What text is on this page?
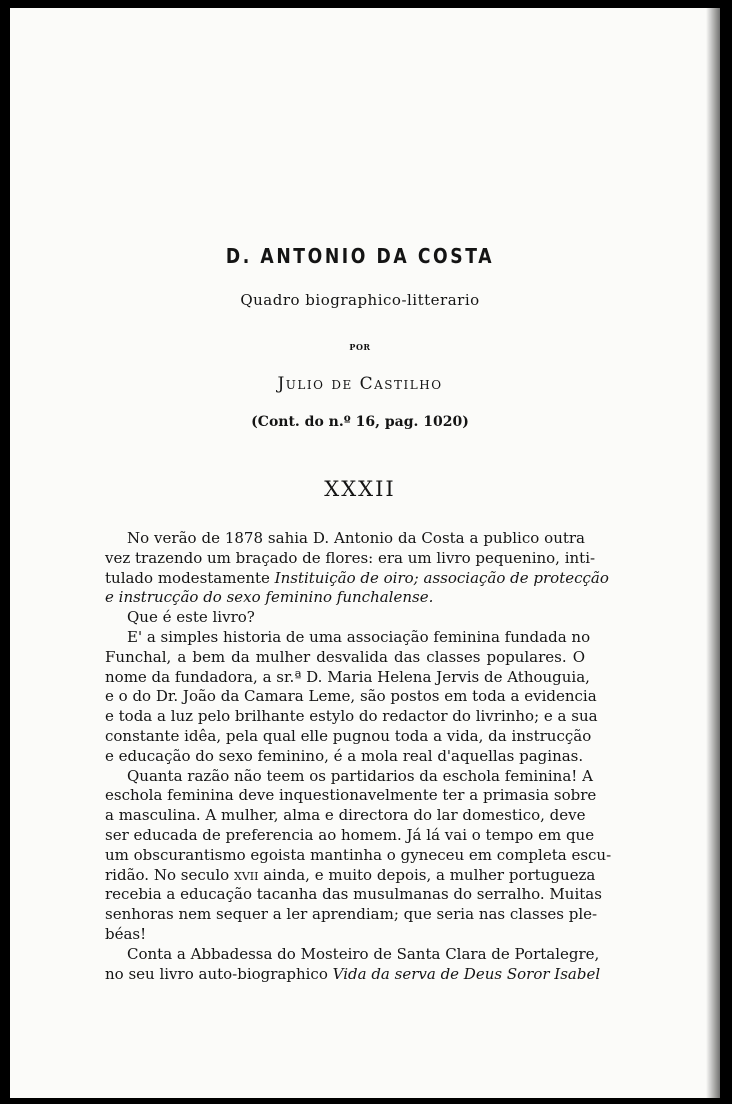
D. ANTONIO DA COSTA
Quadro biographico-litterario
POR
Julio de Castilho
(Cont. do n.º 16, pag. 1020)
XXXII
No verão de 1878 sahia D. Antonio da Costa a publico outra
vez trazendo um braçado de flores: era um livro pequenino, inti-
tulado modestamente Instituição de oiro; associação de protecção
e instrucção do sexo feminino funchalense.
Que é este livro?
E' a simples historia de uma associação feminina fundada no
Funchal, a bem da mulher desvalida das classes populares. O
nome da fundadora, a sr.ª D. Maria Helena Jervis de Athouguia,
e o do Dr. João da Camara Leme, são postos em toda a evidencia
e toda a luz pelo brilhante estylo do redactor do livrinho; e a sua
constante idêa, pela qual elle pugnou toda a vida, da instrucção
e educação do sexo feminino, é a mola real d'aquellas paginas.
Quanta razão não teem os partidarios da eschola feminina! A
eschola feminina deve inquestionavelmente ter a primasia sobre
a masculina. A mulher, alma e directora do lar domestico, deve
ser educada de preferencia ao homem. Já lá vai o tempo em que
um obscurantismo egoista mantinha o gyneceu em completa escu-
ridão. No seculo xvii ainda, e muito depois, a mulher portugueza
recebia a educação tacanha das musulmanas do serralho. Muitas
senhoras nem sequer a ler aprendiam; que seria nas classes ple-
béas!
Conta a Abbadessa do Mosteiro de Santa Clara de Portalegre,
no seu livro auto-biographico Vida da serva de Deus Soror Isabel
